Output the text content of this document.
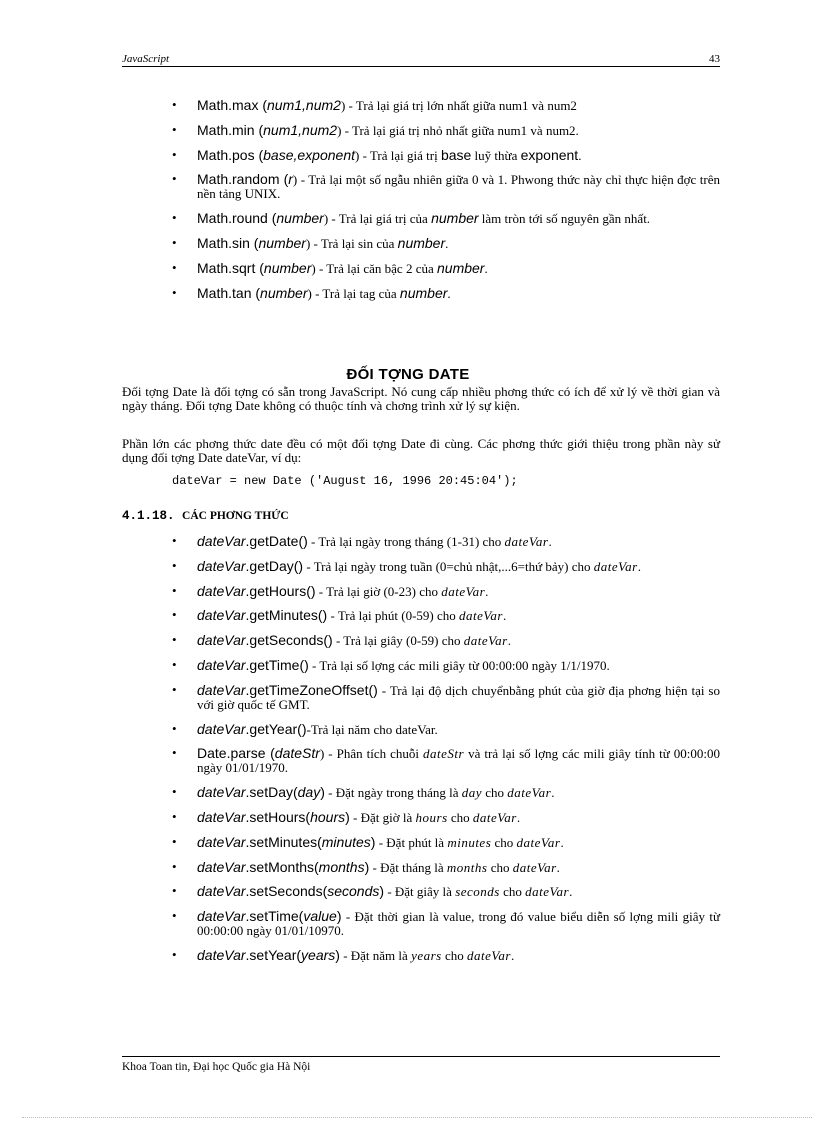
JavaScript	43
• Math.max (num1,num2) - Trả lại giá trị lớn nhất giữa num1 và num2
• Math.min (num1,num2) - Trả lại giá trị nhỏ nhất giữa num1 và num2.
• Math.pos (base,exponent) - Trả lại giá trị base luỹ thừa exponent.
• Math.random (r) - Trả lại một số ngẫu nhiên giữa 0 và 1. Phwong thức này chỉ thực hiện đợc trên nền tảng UNIX.
• Math.round (number) - Trả lại giá trị của number làm tròn tới số nguyên gần nhất.
• Math.sin (number) - Trả lại sin của number.
• Math.sqrt (number) - Trả lại căn bậc 2 của number.
• Math.tan (number) - Trả lại tag của number.
ĐỐI TỢNG DATE
Đối tợng Date là đối tợng có sẵn trong JavaScript. Nó cung cấp nhiều phơng thức có ích để xử lý về thời gian và ngày tháng. Đối tợng Date không có thuộc tính và chơng trình xử lý sự kiện.
Phần lớn các phơng thức date đều có một đối tợng Date đi cùng. Các phơng thức giới thiệu trong phần này sử dụng đối tợng Date dateVar, ví dụ:
dateVar = new Date ('August 16, 1996 20:45:04');
4.1.18. CÁC PHƠNG THỨC
• dateVar.getDate() - Trả lại ngày trong tháng (1-31) cho dateVar.
• dateVar.getDay() - Trả lại ngày trong tuần (0=chủ nhật,...6=thứ bảy) cho dateVar.
• dateVar.getHours() - Trả lại giờ (0-23) cho dateVar.
• dateVar.getMinutes() - Trả lại phút (0-59) cho dateVar.
• dateVar.getSeconds() - Trả lại giây (0-59) cho dateVar.
• dateVar.getTime() - Trả lại số lợng các mili giây từ 00:00:00 ngày 1/1/1970.
• dateVar.getTimeZoneOffset() - Trả lại độ dịch chuyểnbằng phút của giờ địa phơng hiện tại so với giờ quốc tế GMT.
• dateVar.getYear()-Trả lại năm cho dateVar.
• Date.parse (dateStr) - Phân tích chuỗi dateStr và trả lại số lợng các mili giây tính từ 00:00:00 ngày 01/01/1970.
• dateVar.setDay(day) - Đặt ngày trong tháng là day cho dateVar.
• dateVar.setHours(hours) - Đặt giờ là hours cho dateVar.
• dateVar.setMinutes(minutes) - Đặt phút là minutes cho dateVar.
• dateVar.setMonths(months) - Đặt tháng là months cho dateVar.
• dateVar.setSeconds(seconds) - Đặt giây là seconds cho dateVar.
• dateVar.setTime(value) - Đặt thời gian là value, trong đó value biểu diễn số lợng mili giây từ 00:00:00 ngày 01/01/10970.
• dateVar.setYear(years) - Đặt năm là years cho dateVar.
Khoa Toan tin, Đại học Quốc gia Hà Nội
